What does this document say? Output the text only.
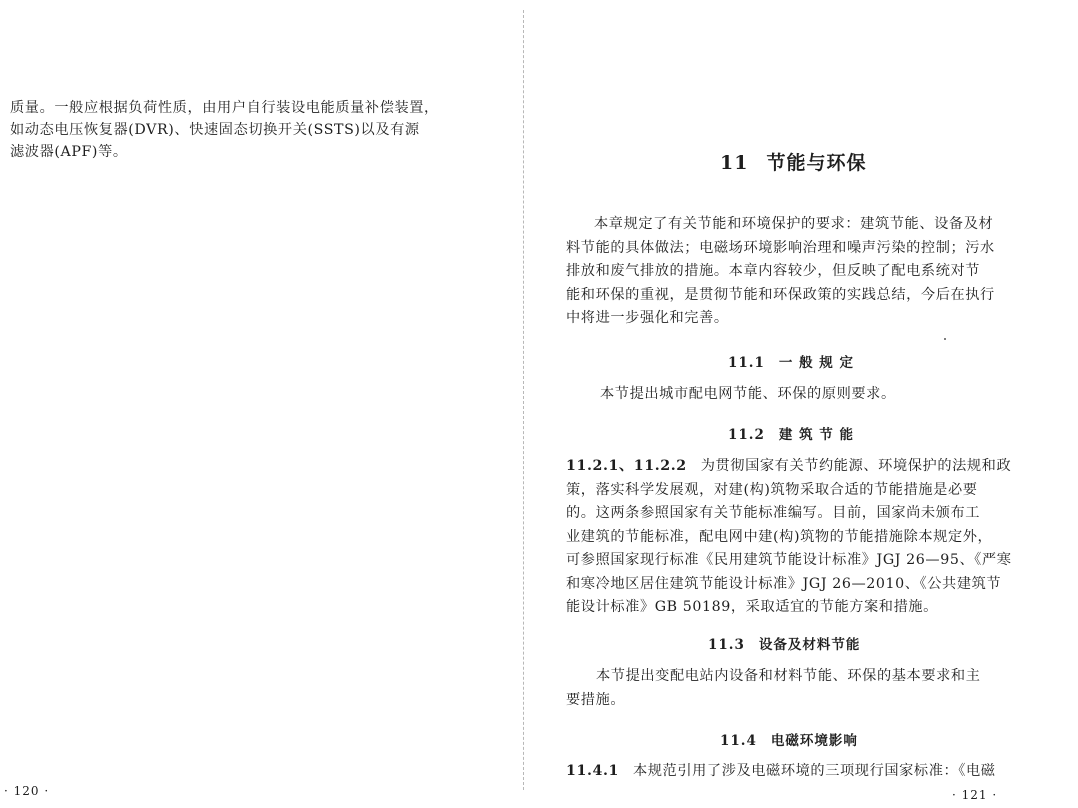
质量。一般应根据负荷性质，由用户自行装设电能质量补偿装置，
如动态电压恢复器(DVR)、快速固态切换开关(SSTS)以及有源
滤波器(APF)等。
· 120 ·
11 节能与环保
本章规定了有关节能和环境保护的要求：建筑节能、设备及材
料节能的具体做法；电磁场环境影响治理和噪声污染的控制；污水
排放和废气排放的措施。本章内容较少，但反映了配电系统对节
能和环保的重视，是贯彻节能和环保政策的实践总结，今后在执行
中将进一步强化和完善。
11.1 一 般 规 定
本节提出城市配电网节能、环保的原则要求。
11.2 建 筑 节 能
11.2.1、11.2.2 为贯彻国家有关节约能源、环境保护的法规和政
策，落实科学发展观，对建(构)筑物采取合适的节能措施是必要
的。这两条参照国家有关节能标准编写。目前，国家尚未颁布工
业建筑的节能标准，配电网中建(构)筑物的节能措施除本规定外，
可参照国家现行标准《民用建筑节能设计标准》JGJ 26—95、《严寒
和寒冷地区居住建筑节能设计标准》JGJ 26—2010、《公共建筑节
能设计标准》GB 50189，采取适宜的节能方案和措施。
11.3 设备及材料节能
本节提出变配电站内设备和材料节能、环保的基本要求和主
要措施。
11.4 电磁环境影响
11.4.1 本规范引用了涉及电磁环境的三项现行国家标准：《电磁
· 121 ·
